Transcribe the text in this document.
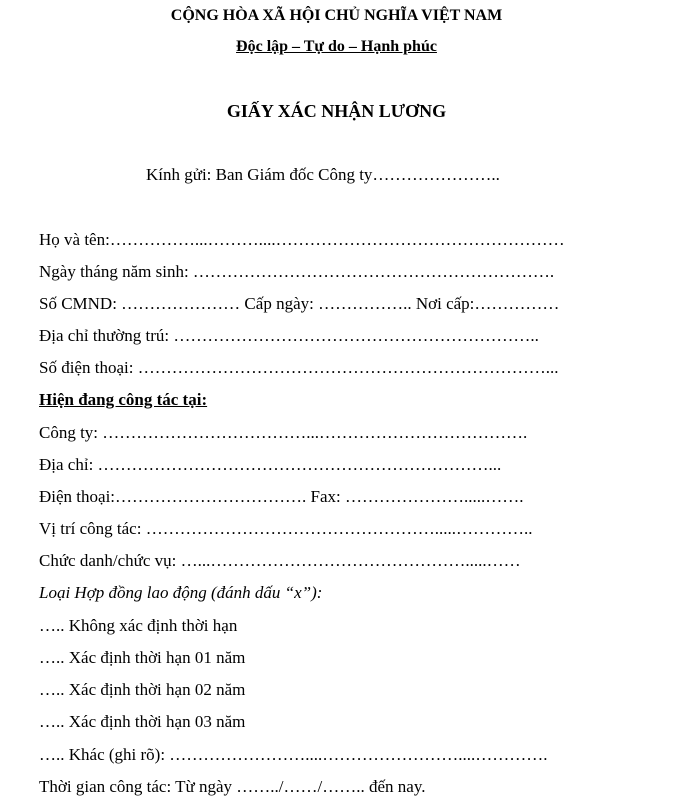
CỘNG HÒA XÃ HỘI CHỦ NGHĨA VIỆT NAM
Độc lập – Tự do – Hạnh phúc
GIẤY XÁC NHẬN LƯƠNG
Kính gửi: Ban Giám đốc Công ty…………………..
Họ và tên:……………...………....……………………………………………
Ngày tháng năm sinh: ……………………………………………………….
Số CMND: ………………… Cấp ngày: …………….. Nơi cấp:……………
Địa chỉ thường trú: ………………………………………………………..
Số điện thoại: ………………………………………………………………...
Hiện đang công tác tại:
Công ty: ………………………………...……………………………….
Địa chỉ: ……………………………………………………………...
Điện thoại:……………………………. Fax: ………………….....…….
Vị trí công tác: …………………………………………….....…………..
Chức danh/chức vụ: …...……………………………………….....……
Loại Hợp đồng lao động (đánh dấu “x”):
….. Không xác định thời hạn
….. Xác định thời hạn 01 năm
….. Xác định thời hạn 02 năm
….. Xác định thời hạn 03 năm
….. Khác (ghi rõ): ……………………....……………………....………….
Thời gian công tác: Từ ngày ……../……/…….. đến nay.
